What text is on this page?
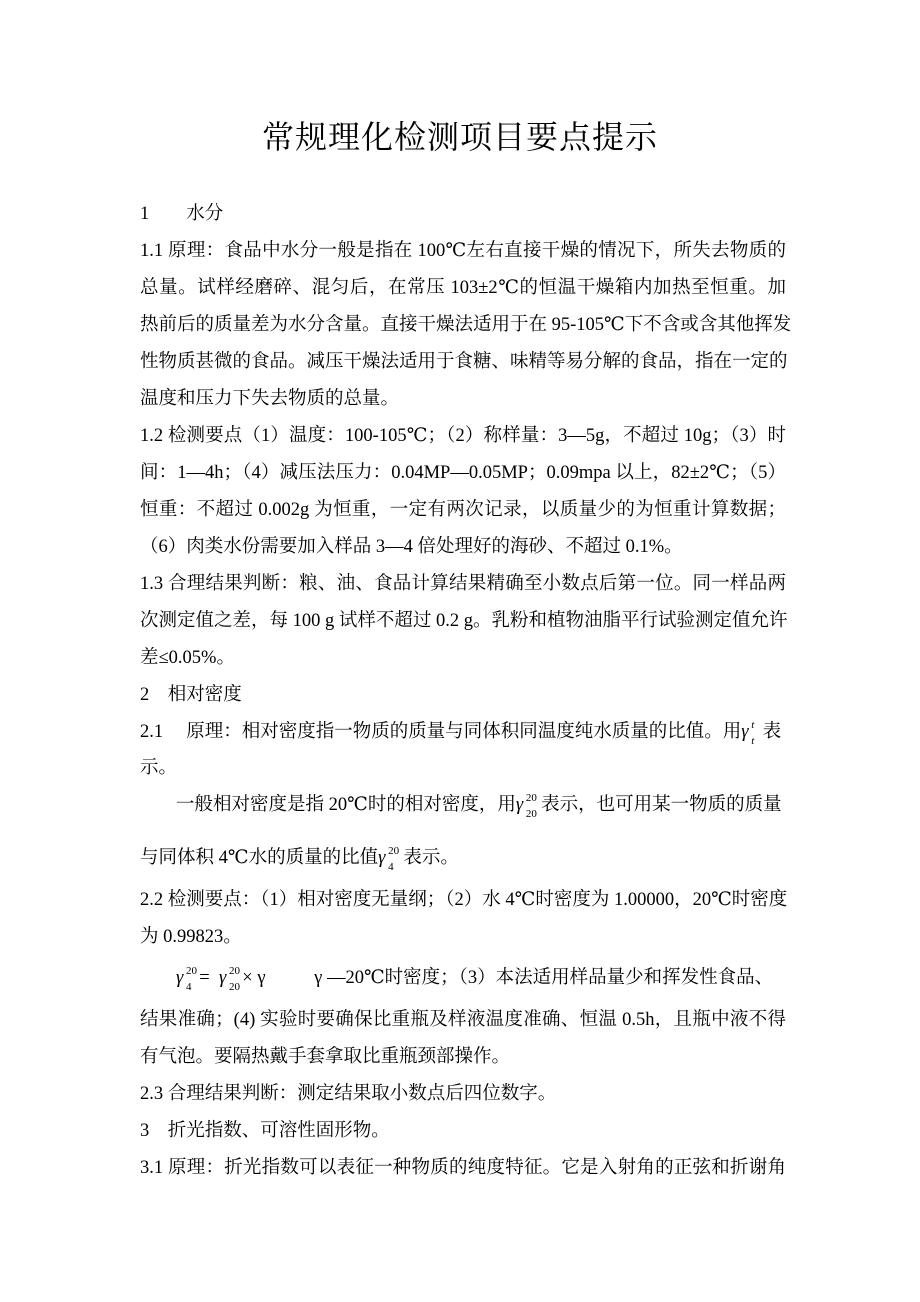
常规理化检测项目要点提示
1　　水分
1.1 原理：食品中水分一般是指在 100℃左右直接干燥的情况下，所失去物质的
总量。试样经磨碎、混匀后，在常压 103±2℃的恒温干燥箱内加热至恒重。加
热前后的质量差为水分含量。直接干燥法适用于在 95-105℃下不含或含其他挥发
性物质甚微的食品。减压干燥法适用于食糖、味精等易分解的食品，指在一定的
温度和压力下失去物质的总量。
1.2 检测要点（1）温度：100-105℃；（2）称样量：3—5g，不超过 10g；（3）时
间：1—4h；（4）减压法压力：0.04MP—0.05MP；0.09mpa 以上，82±2℃；（5）
恒重：不超过 0.002g 为恒重，一定有两次记录，以质量少的为恒重计算数据；
（6）肉类水份需要加入样品 3—4 倍处理好的海砂、不超过 0.1%。
1.3 合理结果判断：粮、油、食品计算结果精确至小数点后第一位。同一样品两
次测定值之差，每 100 g 试样不超过 0.2 g。乳粉和植物油脂平行试验测定值允许
差≤0.05%。
2　相对密度
2.1　 原理：相对密度指一物质的质量与同体积同温度纯水质量的比值。用γ t
t 表
示。
一般相对密度是指 20℃时的相对密度，用γ 20
20 表示，也可用某一物质的质量
与同体积 4℃水的质量的比值γ 20
4 表示。
2.2 检测要点：（1）相对密度无量纲；（2）水 4℃时密度为 1.00000，20℃时密度
为 0.99823。
γ 20
4 = γ 20
20 × γ	γ —20℃时密度；（3）本法适用样品量少和挥发性食品、
结果准确；(4) 实验时要确保比重瓶及样液温度准确、恒温 0.5h，且瓶中液不得
有气泡。要隔热戴手套拿取比重瓶颈部操作。
2.3 合理结果判断：测定结果取小数点后四位数字。
3　折光指数、可溶性固形物。
3.1 原理：折光指数可以表征一种物质的纯度特征。它是入射角的正弦和折谢角
